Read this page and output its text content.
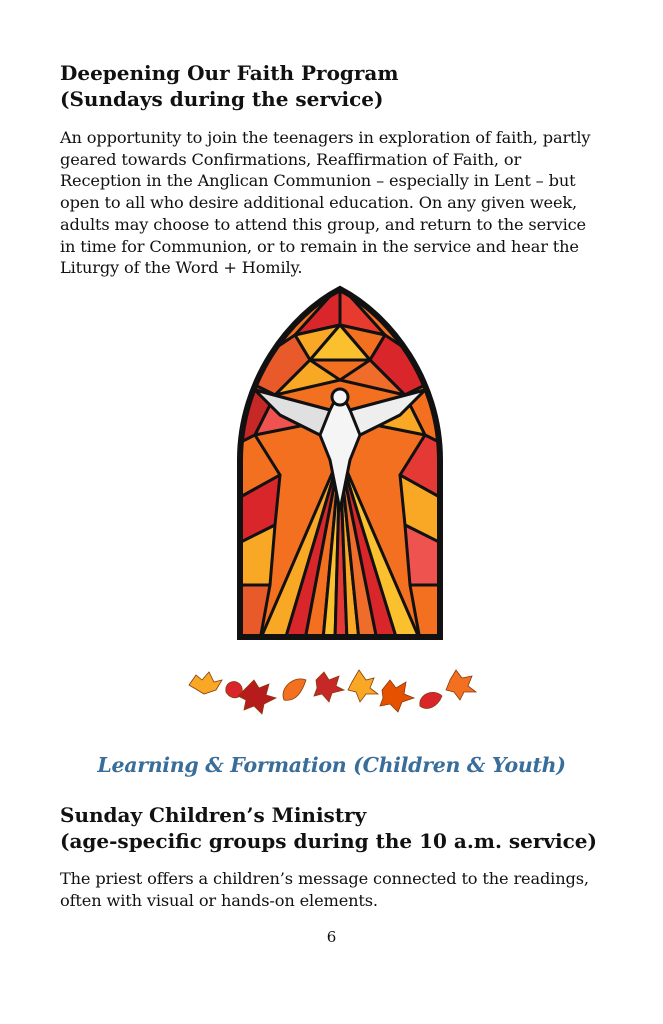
Deepening Our Faith Program
(Sundays during the service)

An opportunity to join the teenagers in exploration of faith, partly
geared towards Confirmations, Reaffirmation of Faith, or
Reception in the Anglican Communion – especially in Lent – but
open to all who desire additional education. On any given week,
adults may choose to attend this group, and return to the service
in time for Communion, or to remain in the service and hear the
Liturgy of the Word + Homily.

Learning & Formation (Children & Youth)
Sunday Children’s Ministry
(age-specific groups during the 10 a.m. service)

The priest offers a children’s message connected to the readings,
often with visual or hands-on elements.

6
